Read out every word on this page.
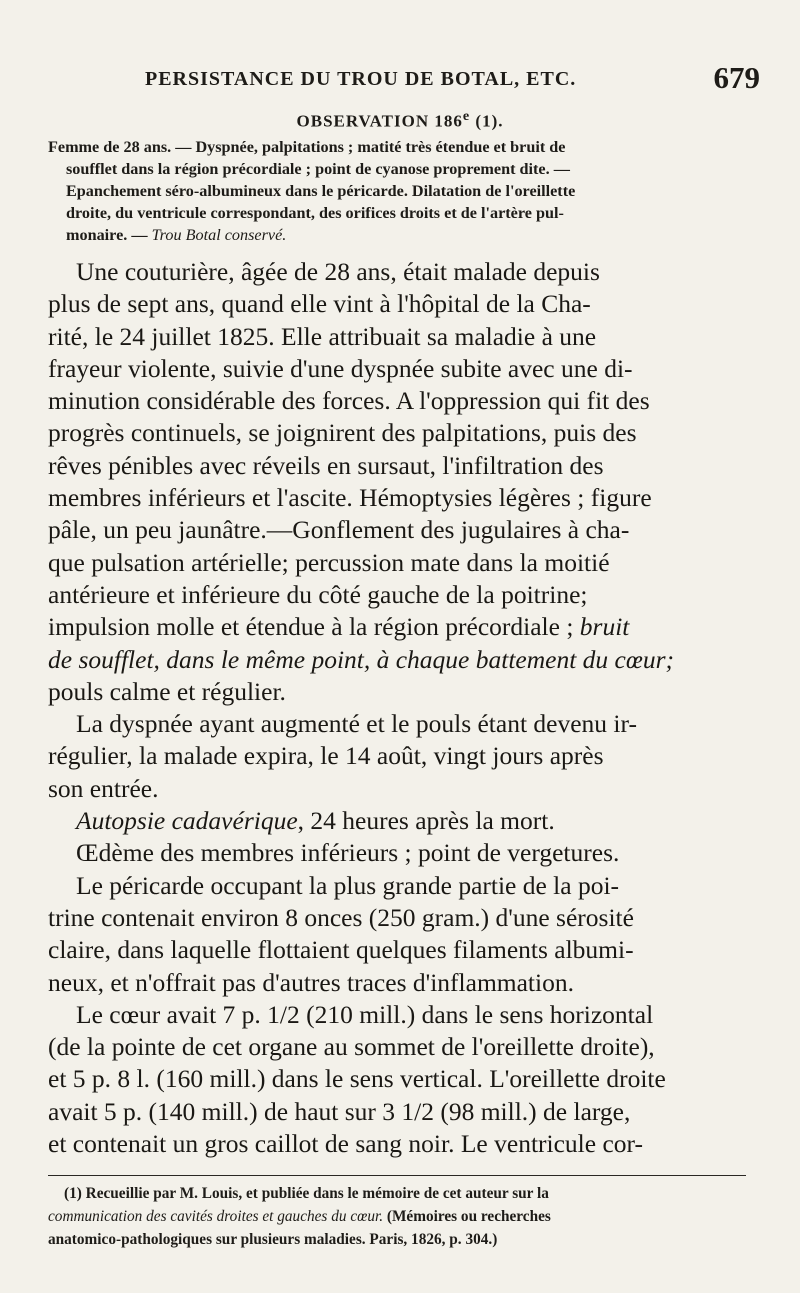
PERSISTANCE DU TROU DE BOTAL, ETC.	679
OBSERVATION 186e (1).
Femme de 28 ans. — Dyspnée, palpitations ; matité très étendue et bruit de
soufflet dans la région précordiale ; point de cyanose proprement dite. —
Epanchement séro-albumineux dans le péricarde. Dilatation de l'oreillette
droite, du ventricule correspondant, des orifices droits et de l'artère pul-
monaire. — Trou Botal conservé.
Une couturière, âgée de 28 ans, était malade depuis
plus de sept ans, quand elle vint à l'hôpital de la Cha-
rité, le 24 juillet 1825. Elle attribuait sa maladie à une
frayeur violente, suivie d'une dyspnée subite avec une di-
minution considérable des forces. A l'oppression qui fit des
progrès continuels, se joignirent des palpitations, puis des
rêves pénibles avec réveils en sursaut, l'infiltration des
membres inférieurs et l'ascite. Hémoptysies légères ; figure
pâle, un peu jaunâtre.—Gonflement des jugulaires à cha-
que pulsation artérielle; percussion mate dans la moitié
antérieure et inférieure du côté gauche de la poitrine;
impulsion molle et étendue à la région précordiale ; bruit
de soufflet, dans le même point, à chaque battement du cœur;
pouls calme et régulier.
La dyspnée ayant augmenté et le pouls étant devenu ir-
régulier, la malade expira, le 14 août, vingt jours après
son entrée.
Autopsie cadavérique, 24 heures après la mort.
Œdème des membres inférieurs ; point de vergetures.
Le péricarde occupant la plus grande partie de la poi-
trine contenait environ 8 onces (250 gram.) d'une sérosité
claire, dans laquelle flottaient quelques filaments albumi-
neux, et n'offrait pas d'autres traces d'inflammation.
Le cœur avait 7 p. 1/2 (210 mill.) dans le sens horizontal
(de la pointe de cet organe au sommet de l'oreillette droite),
et 5 p. 8 l. (160 mill.) dans le sens vertical. L'oreillette droite
avait 5 p. (140 mill.) de haut sur 3 1/2 (98 mill.) de large,
et contenait un gros caillot de sang noir. Le ventricule cor-
(1) Recueillie par M. Louis, et publiée dans le mémoire de cet auteur sur la
communication des cavités droites et gauches du cœur. (Mémoires ou recherches
anatomico-pathologiques sur plusieurs maladies. Paris, 1826, p. 304.)
